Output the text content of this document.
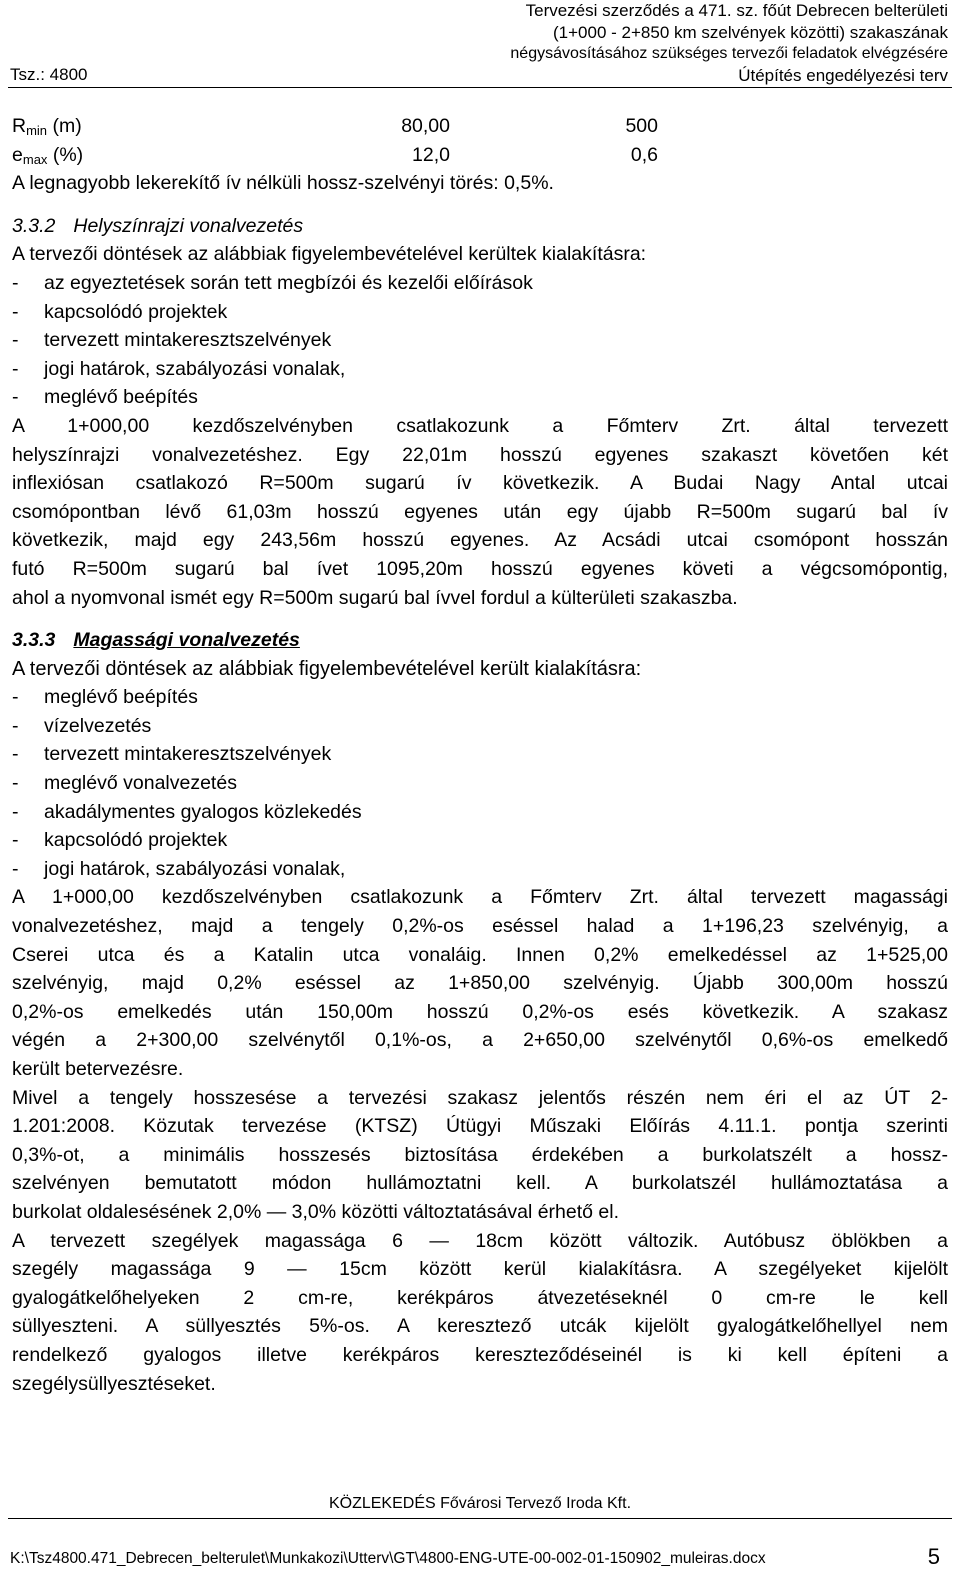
Tervezési szerződés a 471. sz. főút Debrecen belterületi
(1+000 - 2+850 km szelvények közötti) szakaszának
négysávosításához szükséges tervezői feladatok elvégzésére
Útépítés engedélyezési terv
Tsz.: 4800
$R_{min}$ (m)	80,00	500
$e_{max}$ (%)	12,0	0,6
A legnagyobb lekerekítő ív nélküli hossz-szelvényi törés: 0,5%.
3.3.2 Helyszínrajzi vonalvezetés
A tervezői döntések az alábbiak figyelembevételével kerültek kialakításra:
-	az egyeztetések során tett megbízói és kezelői előírások
-	kapcsolódó projektek
-	tervezett mintakeresztszelvények
-	jogi határok, szabályozási vonalak,
-	meglévő beépítés
A 1+000,00 kezdőszelvényben csatlakozunk a Főmterv Zrt. által tervezett
helyszínrajzi vonalvezetéshez. Egy 22,01m hosszú egyenes szakaszt követően két
inflexiósan csatlakozó R=500m sugarú ív következik. A Budai Nagy Antal utcai
csomópontban lévő 61,03m hosszú egyenes után egy újabb R=500m sugarú bal ív
következik, majd egy 243,56m hosszú egyenes. Az Acsádi utcai csomópont hosszán
futó R=500m sugarú bal ívet 1095,20m hosszú egyenes követi a végcsomópontig,
ahol a nyomvonal ismét egy R=500m sugarú bal ívvel fordul a külterületi szakaszba.
3.3.3 Magassági vonalvezetés
A tervezői döntések az alábbiak figyelembevételével került kialakításra:
-	meglévő beépítés
-	vízelvezetés
-	tervezett mintakeresztszelvények
-	meglévő vonalvezetés
-	akadálymentes gyalogos közlekedés
-	kapcsolódó projektek
-	jogi határok, szabályozási vonalak,
A 1+000,00 kezdőszelvényben csatlakozunk a Főmterv Zrt. által tervezett magassági
vonalvezetéshez, majd a tengely 0,2%-os eséssel halad a 1+196,23 szelvényig, a
Cserei utca és a Katalin utca vonaláig. Innen 0,2% emelkedéssel az 1+525,00
szelvényig, majd 0,2% eséssel az 1+850,00 szelvényig. Újabb 300,00m hosszú
0,2%-os emelkedés után 150,00m hosszú 0,2%-os esés következik. A szakasz
végén a 2+300,00 szelvénytől 0,1%-os, a 2+650,00 szelvénytől 0,6%-os emelkedő
került betervezésre.
Mivel a tengely hosszesése a tervezési szakasz jelentős részén nem éri el az ÚT 2-
1.201:2008. Közutak tervezése (KTSZ) Útügyi Műszaki Előírás 4.11.1. pontja szerinti
0,3%-ot, a minimális hosszesés biztosítása érdekében a burkolatszélt a hossz-
szelvényen bemutatott módon hullámoztatni kell. A burkolatszél hullámoztatása a
burkolat oldalesésének 2,0% — 3,0% közötti változtatásával érhető el.
A tervezett szegélyek magassága 6 — 18cm között változik. Autóbusz öblökben a
szegély magassága 9 — 15cm között kerül kialakításra. A szegélyeket kijelölt
gyalogátkelőhelyeken 2 cm-re, kerékpáros átvezetéseknél 0 cm-re le kell
süllyeszteni. A süllyesztés 5%-os. A keresztező utcák kijelölt gyalogátkelőhellyel nem
rendelkező gyalogos illetve kerékpáros kereszteződéseinél is ki kell építeni a
szegélysüllyesztéseket.
KÖZLEKEDÉS Fővárosi Tervező Iroda Kft.
K:\Tsz4800.471_Debrecen_belterulet\Munkakozi\Utterv\GT\4800-ENG-UTE-00-002-01-150902_muleiras.docx	5
